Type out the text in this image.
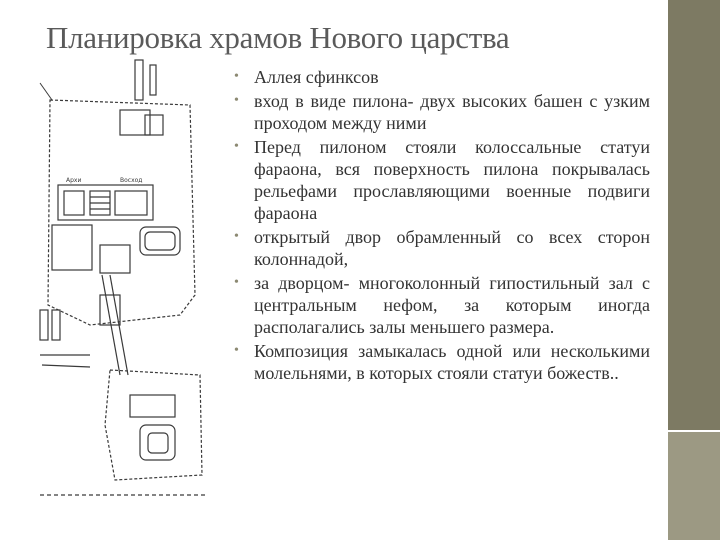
Планировка храмов Нового царства
Архи	Восход
• Аллея сфинксов
• вход в виде пилона- двух высоких башен с узким проходом между ними
• Перед пилоном стояли колоссальные статуи фараона, вся поверхность пилона покрывалась рельефами прославляющими военные подвиги фараона
• открытый двор обрамленный со всех сторон колоннадой,
• за дворцом- многоколонный гипостильный зал с центральным нефом, за которым иногда располагались залы меньшего размера.
• Композиция замыкалась одной или несколькими молельнями, в которых стояли статуи божеств..
